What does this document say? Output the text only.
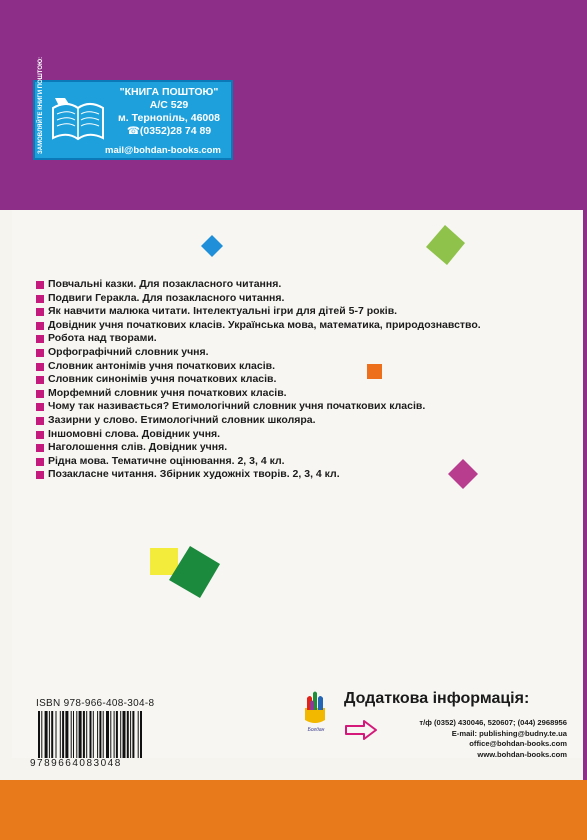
ЗАМОВЛЯЙТЕ КНИГИ ПОШТОЮ:	"КНИГА ПОШТОЮ"
А/С 529
м. Тернопіль, 46008
☎(0352)28 74 89
mail@bohdan-books.com
Повчальні казки. Для позакласного читання.
Подвиги Геракла. Для позакласного читання.
Як навчити малюка читати. Інтелектуальні ігри для дітей 5-7 років.
Довідник учня початкових класів. Українська мова, математика, природознавство.
Робота над творами.
Орфографічний словник учня.
Словник антонімів учня початкових класів.
Словник синонімів учня початкових класів.
Морфемний словник учня початкових класів.
Чому так називається? Етимологічний словник учня початкових класів.
Зазирни у слово. Етимологічний словник школяра.
Іншомовні слова. Довідник учня.
Наголошення слів. Довідник учня.
Рідна мова. Тематичне оцінювання. 2, 3, 4 кл.
Позакласне читання. Збірник художніх творів. 2, 3, 4 кл.
ISBN 978-966-408-304-8
9789664083048
Богдан
Додаткова інформація:
т/ф (0352) 430046, 520607; (044) 2968956
E-mail: publishing@budny.te.ua
office@bohdan-books.com
www.bohdan-books.com
